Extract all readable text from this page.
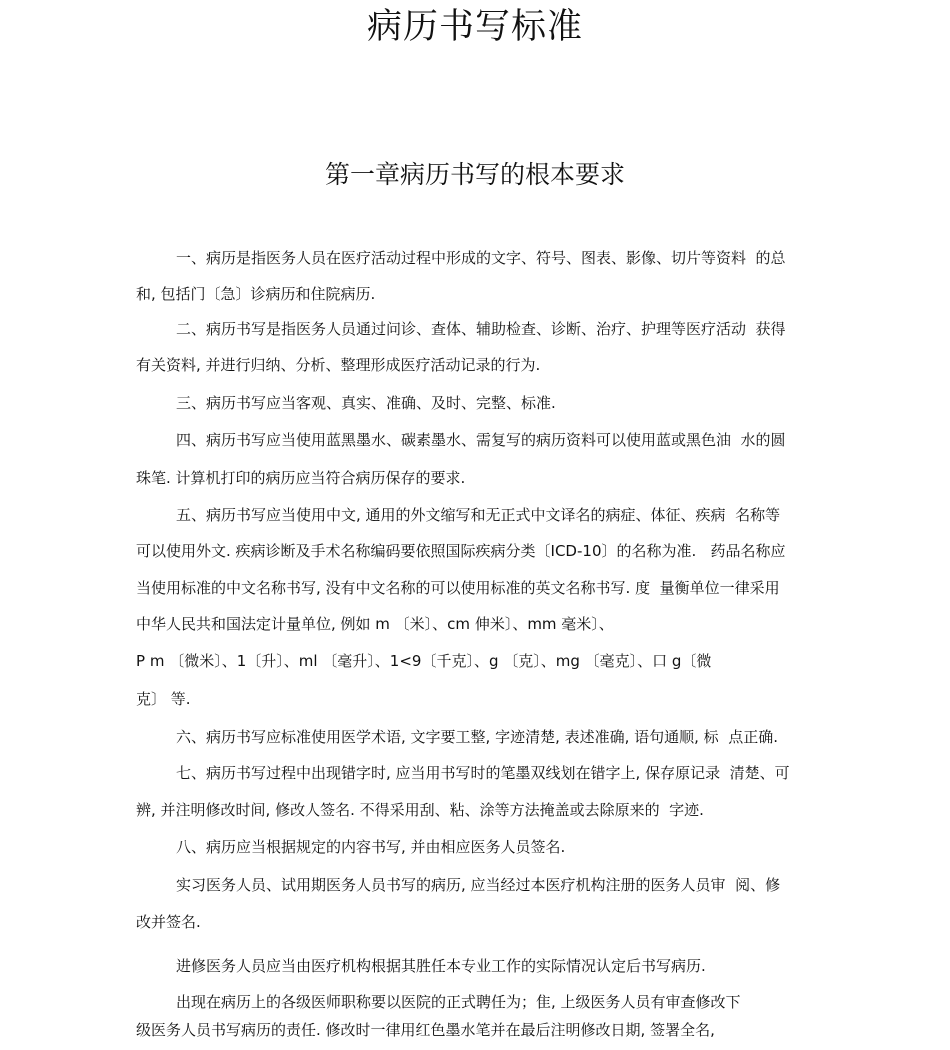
病历书写标准
第一章病历书写的根本要求
一、病历是指医务人员在医疗活动过程中形成的文字、符号、图表、影像、切片等资料  的总
和, 包括门〔急〕诊病历和住院病历.
二、病历书写是指医务人员通过问诊、查体、辅助检查、诊断、治疗、护理等医疗活动  获得
有关资料, 并进行归纳、分析、整理形成医疗活动记录的行为.
三、病历书写应当客观、真实、准确、及时、完整、标准.
四、病历书写应当使用蓝黑墨水、碳素墨水、需复写的病历资料可以使用蓝或黑色油  水的圆
珠笔. 计算机打印的病历应当符合病历保存的要求.
五、病历书写应当使用中文, 通用的外文缩写和无正式中文译名的病症、体征、疾病  名称等
可以使用外文. 疾病诊断及手术名称编码要依照国际疾病分类〔ICD-10〕的名称为准.   药品名称应
当使用标准的中文名称书写, 没有中文名称的可以使用标准的英文名称书写. 度  量衡单位一律采用
中华人民共和国法定计量单位, 例如 m 〔米〕、cm 伸米〕、mm 毫米〕、
P m 〔微米〕、1〔升〕、ml 〔毫升〕、1<9〔千克〕、g 〔克〕、mg 〔毫克〕、口 g〔微
克〕 等.
六、病历书写应标准使用医学术语, 文字要工整, 字迹清楚, 表述准确, 语句通顺, 标  点正确.
七、病历书写过程中出现错字时, 应当用书写时的笔墨双线划在错字上, 保存原记录  清楚、可
辨, 并注明修改时间, 修改人签名. 不得采用刮、粘、涂等方法掩盖或去除原来的  字迹.
八、病历应当根据规定的内容书写, 并由相应医务人员签名.
实习医务人员、试用期医务人员书写的病历, 应当经过本医疗机构注册的医务人员审  阅、修
改并签名.
进修医务人员应当由医疗机构根据其胜任本专业工作的实际情况认定后书写病历.
出现在病历上的各级医师职称要以医院的正式聘任为；隹, 上级医务人员有审查修改下
级医务人员书写病历的责任. 修改时一律用红色墨水笔并在最后注明修改日期, 签署全名,
